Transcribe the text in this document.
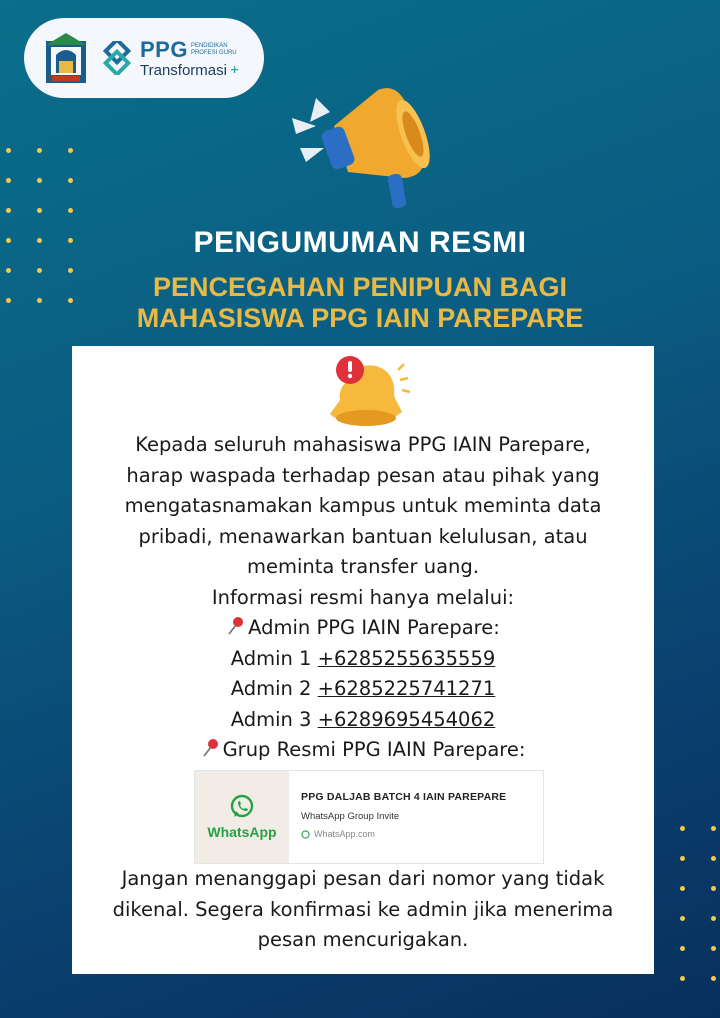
PPG PENDIDIKAN
PROFESI GURU
Transformasi +
PENGUMUMAN RESMI
PENCEGAHAN PENIPUAN BAGI
MAHASISWA PPG IAIN PAREPARE
Kepada seluruh mahasiswa PPG IAIN Parepare,
harap waspada terhadap pesan atau pihak yang
mengatasnamakan kampus untuk meminta data
pribadi, menawarkan bantuan kelulusan, atau
meminta transfer uang.
Informasi resmi hanya melalui:
Admin PPG IAIN Parepare:
Admin 1 +6285255635559
Admin 2 +6285225741271
Admin 3 +6289695454062
Grup Resmi PPG IAIN Parepare:
WhatsApp
PPG DALJAB BATCH 4 IAIN PAREPARE
WhatsApp Group Invite
WhatsApp.com
Jangan menanggapi pesan dari nomor yang tidak
dikenal. Segera konfirmasi ke admin jika menerima
pesan mencurigakan.
